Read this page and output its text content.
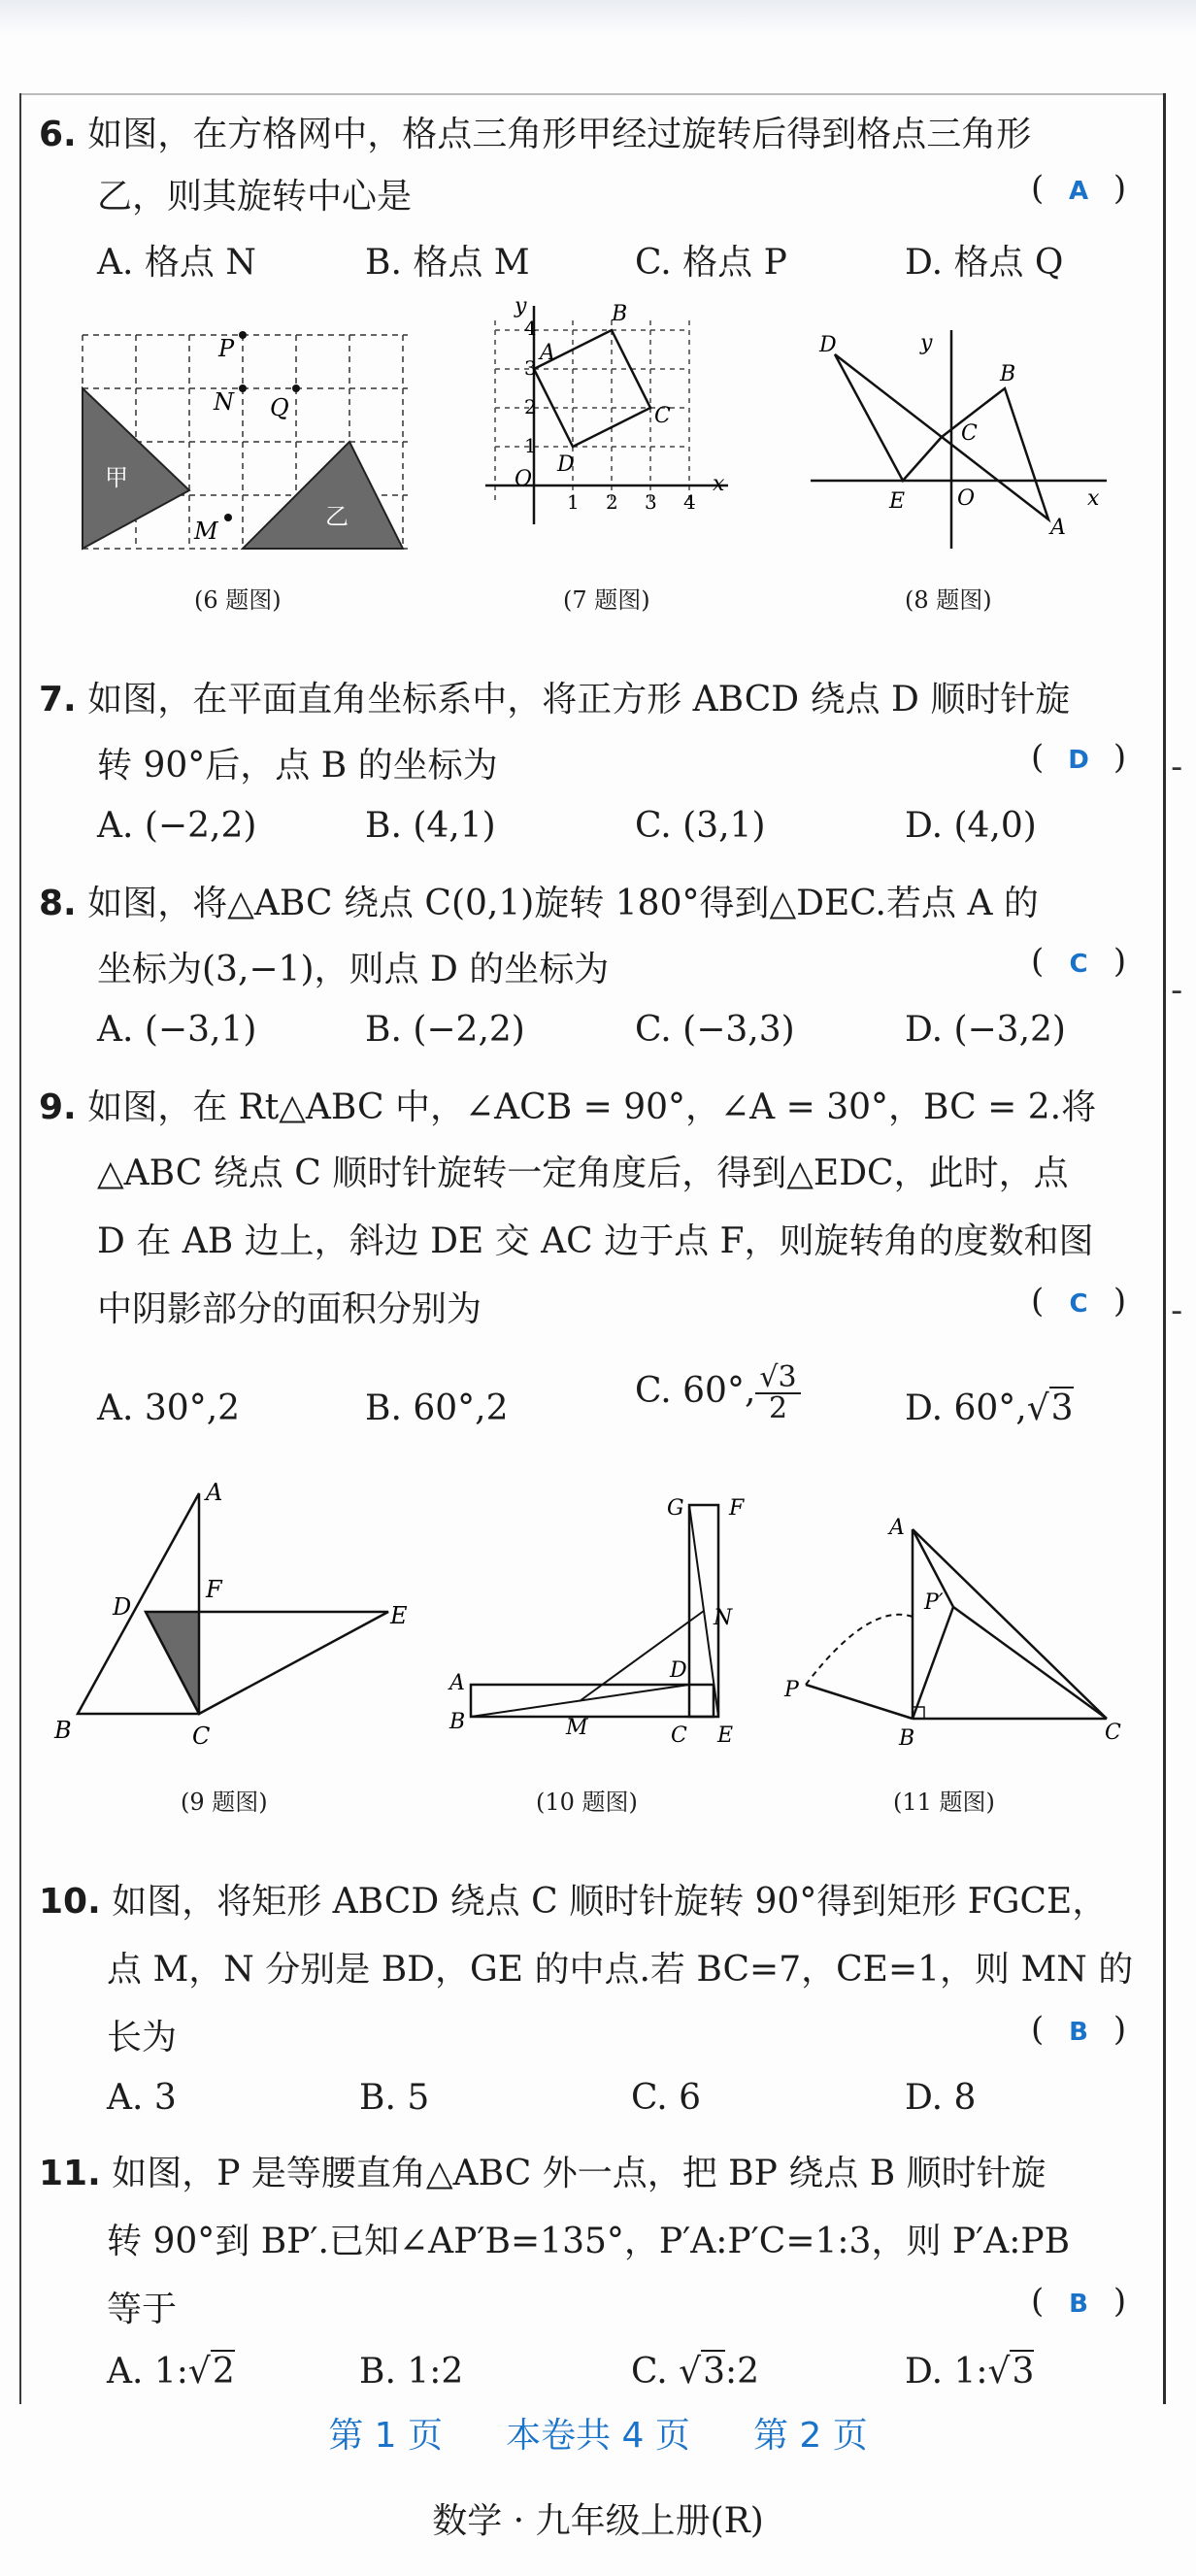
-
-
-
6. 如图，在方格网中，格点三角形甲经过旋转后得到格点三角形
乙，则其旋转中心是	( A )
A. 格点 N	B. 格点 M	C. 格点 P	D. 格点 Q
P
N Q
M
甲
乙
(6 题图)
O	x
y
A
B
C
D
4
3
2
1
1 2 3 4
(7 题图)
D
E
C
B
A
O	x
y
(8 题图)
7. 如图，在平面直角坐标系中，将正方形 ABCD 绕点 D 顺时针旋
转 90°后，点 B 的坐标为	( D )
A. (−2,2)	B. (4,1)	C. (3,1)	D. (4,0)
8. 如图，将△ABC 绕点 C(0,1)旋转 180°得到△DEC.若点 A 的
坐标为(3,−1)，则点 D 的坐标为	( C )
A. (−3,1)	B. (−2,2)	C. (−3,3)	D. (−3,2)
9. 如图，在 Rt△ABC 中，∠ACB = 90°，∠A = 30°，BC = 2.将
△ABC 绕点 C 顺时针旋转一定角度后，得到△EDC，此时，点
D 在 AB 边上，斜边 DE 交 AC 边于点 F，则旋转角的度数和图
中阴影部分的面积分别为	( C )
A. 30°,2	B. 60°,2	C. 60°, $\frac{√3}{2}$	D. 60°,√3
A
F
D	E
B	C
(9 题图)
A
B
D
M	C E
N
G F
(10 题图)
A
P′
P
B	C
(11 题图)
10. 如图，将矩形 ABCD 绕点 C 顺时针旋转 90°得到矩形 FGCE，
点 M，N 分别是 BD，GE 的中点.若 BC=7，CE=1，则 MN 的
长为	( B )
A. 3	B. 5	C. 6	D. 8
11. 如图，P 是等腰直角△ABC 外一点，把 BP 绕点 B 顺时针旋
转 90°到 BP′.已知∠AP′B=135°，P′A:P′C=1:3，则 P′A:PB
等于	( B )
A. 1:√2	B. 1:2	C. √3:2	D. 1:√3
第 1 页 本卷共 4 页 第 2 页
数学 · 九年级上册(R)
